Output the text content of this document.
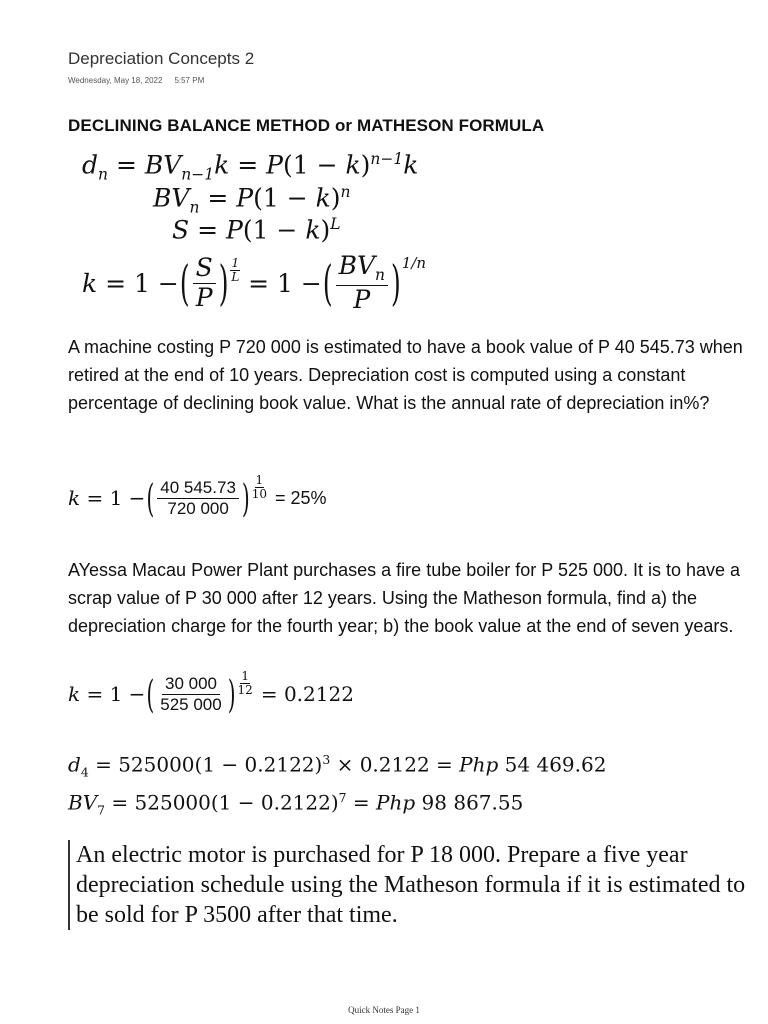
Depreciation Concepts 2
Wednesday, May 18, 2022 5:57 PM
DECLINING BALANCE METHOD or MATHESON FORMULA
$d_n = BV_{n-1}k = P(1 - k)^{n-1}k$
$BV_n = P(1 - k)^n$
$S = P(1 - k)^L$
k = 1 − ( $\frac{S}{P}$ ) $\frac{1}{L} = 1$ − ( $\frac{BV_n}{P}$ ) 1/n
A machine costing P 720 000 is estimated to have a book value of P 40 545.73 when retired at the end of 10 years. Depreciation cost is computed using a constant percentage of declining book value. What is the annual rate of depreciation in%?
k = 1 − ( $\frac{40 545.73}{720 000}$ ) $\frac{1}{10} = 25\%$
AYessa Macau Power Plant purchases a fire tube boiler for P 525 000. It is to have a scrap value of P 30 000 after 12 years. Using the Matheson formula, find a) the depreciation charge for the fourth year; b) the book value at the end of seven years.
k = 1 − ( $\frac{30 000}{525 000}$ ) $\frac{1}{12} = 0.2122$
$d_4 = 525000(1 - 0.2122)^3 \times 0.2122$ = Php 54 469.62
$BV_7 = 525000(1 - 0.2122)^7$ = Php 98 867.55
An electric motor is purchased for P 18 000. Prepare a five year depreciation schedule using the Matheson formula if it is estimated to be sold for P 3500 after that time.
Quick Notes Page 1
